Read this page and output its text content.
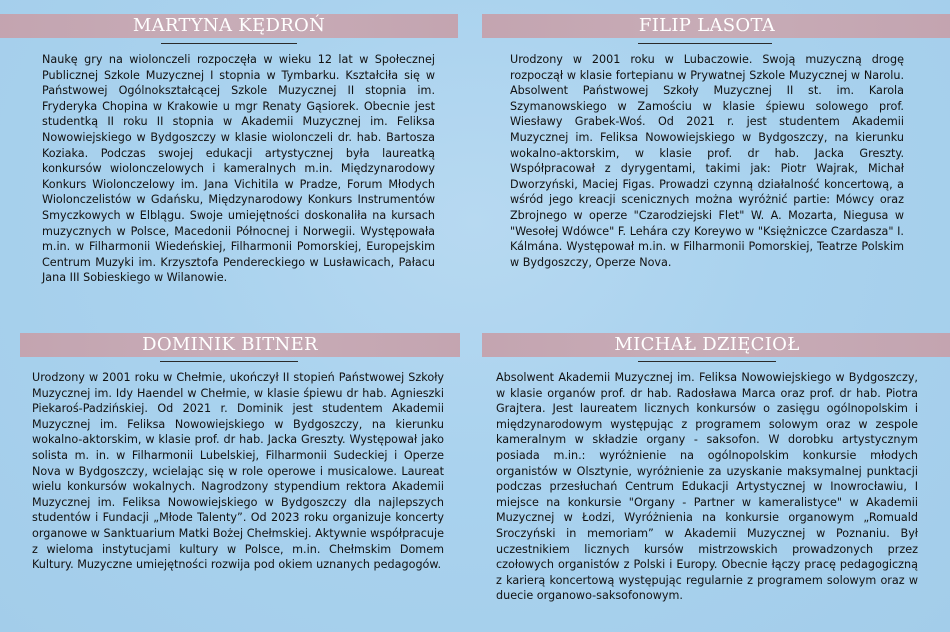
MARTYNA KĘDROŃ

Naukę gry na wiolonczeli rozpoczęła w wieku 12 lat w Społecznej Publicznej Szkole Muzycznej I stopnia w Tymbarku. Kształciła się w Państwowej Ogólnokształcącej Szkole Muzycznej II stopnia im. Fryderyka Chopina w Krakowie u mgr Renaty Gąsiorek. Obecnie jest studentką II roku II stopnia w Akademii Muzycznej im. Feliksa Nowowiejskiego w Bydgoszczy w klasie wiolonczeli dr. hab. Bartosza Koziaka. Podczas swojej edukacji artystycznej była laureatką konkursów wiolonczelowych i kameralnych m.in. Międzynarodowy Konkurs Wiolonczelowy im. Jana Vichitila w Pradze, Forum Młodych Wiolonczelistów w Gdańsku, Międzynarodowy Konkurs Instrumentów Smyczkowych w Elblągu. Swoje umiejętności doskonaliła na kursach muzycznych w Polsce, Macedonii Północnej i Norwegii. Występowała m.in. w Filharmonii Wiedeńskiej, Filharmonii Pomorskiej, Europejskim Centrum Muzyki im. Krzysztofa Pendereckiego w Lusławicach, Pałacu Jana III Sobieskiego w Wilanowie.

FILIP LASOTA

Urodzony w 2001 roku w Lubaczowie. Swoją muzyczną drogę rozpoczął w klasie fortepianu w Prywatnej Szkole Muzycznej w Narolu. Absolwent Państwowej Szkoły Muzycznej II st. im. Karola Szymanowskiego w Zamościu w klasie śpiewu solowego prof. Wiesławy Grabek-Woś. Od 2021 r. jest studentem Akademii Muzycznej im. Feliksa Nowowiejskiego w Bydgoszczy, na kierunku wokalno-aktorskim, w klasie prof. dr hab. Jacka Greszty. Współpracował z dyrygentami, takimi jak: Piotr Wajrak, Michał Dworzyński, Maciej Figas. Prowadzi czynną działalność koncertową, a wśród jego kreacji scenicznych można wyróżnić partie: Mówcy oraz Zbrojnego w operze "Czarodziejski Flet" W. A. Mozarta, Niegusa w "Wesołej Wdówce" F. Lehára czy Koreywo w "Księżniczce Czardasza" I. Kálmána. Występował m.in. w Filharmonii Pomorskiej, Teatrze Polskim w Bydgoszczy, Operze Nova.

DOMINIK BITNER

Urodzony w 2001 roku w Chełmie, ukończył II stopień Państwowej Szkoły Muzycznej im. Idy Haendel w Chełmie, w klasie śpiewu dr hab. Agnieszki Piekaroś-Padzińskiej. Od 2021 r. Dominik jest studentem Akademii Muzycznej im. Feliksa Nowowiejskiego w Bydgoszczy, na kierunku wokalno-aktorskim, w klasie prof. dr hab. Jacka Greszty. Występował jako solista m. in. w Filharmonii Lubelskiej, Filharmonii Sudeckiej i Operze Nova w Bydgoszczy, wcielając się w role operowe i musicalowe. Laureat wielu konkursów wokalnych. Nagrodzony stypendium rektora Akademii Muzycznej im. Feliksa Nowowiejskiego w Bydgoszczy dla najlepszych studentów i Fundacji „Młode Talenty”. Od 2023 roku organizuje koncerty organowe w Sanktuarium Matki Bożej Chełmskiej. Aktywnie współpracuje z wieloma instytucjami kultury w Polsce, m.in. Chełmskim Domem Kultury. Muzyczne umiejętności rozwija pod okiem uznanych pedagogów.

MICHAŁ DZIĘCIOŁ

Absolwent Akademii Muzycznej im. Feliksa Nowowiejskiego w Bydgoszczy, w klasie organów prof. dr hab. Radosława Marca oraz prof. dr hab. Piotra Grajtera. Jest laureatem licznych konkursów o zasięgu ogólnopolskim i międzynarodowym występując z programem solowym oraz w zespole kameralnym w składzie organy - saksofon. W dorobku artystycznym posiada m.in.: wyróżnienie na ogólnopolskim konkursie młodych organistów w Olsztynie, wyróżnienie za uzyskanie maksymalnej punktacji podczas przesłuchań Centrum Edukacji Artystycznej w Inowrocławiu, I miejsce na konkursie "Organy - Partner w kameralistyce" w Akademii Muzycznej w Łodzi, Wyróżnienia na konkursie organowym „Romuald Sroczyński in memoriam” w Akademii Muzycznej w Poznaniu. Był uczestnikiem licznych kursów mistrzowskich prowadzonych przez czołowych organistów z Polski i Europy. Obecnie łączy pracę pedagogiczną z karierą koncertową występując regularnie z programem solowym oraz w duecie organowo-saksofonowym.
